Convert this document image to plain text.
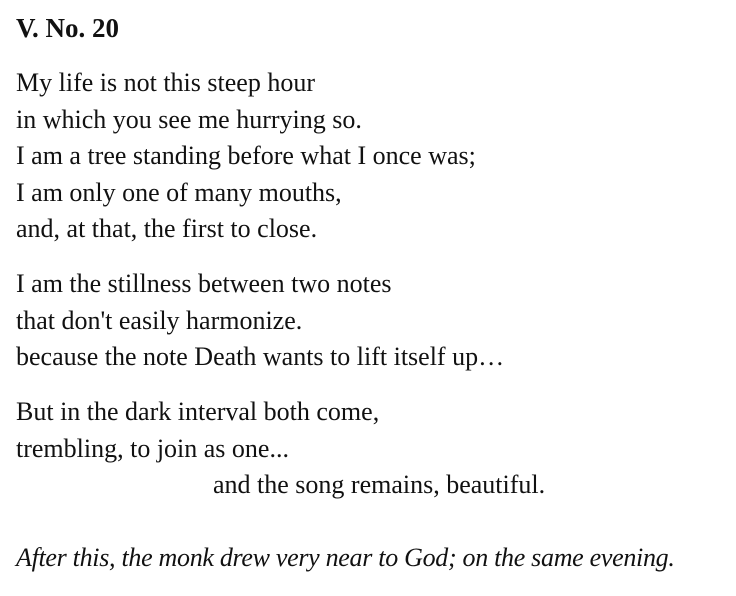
V. No. 20
My life is not this steep hour
in which you see me hurrying so.
I am a tree standing before what I once was;
I am only one of many mouths,
and, at that, the first to close.
I am the stillness between two notes
that don't easily harmonize.
because the note Death wants to lift itself up…
But in the dark interval both come,
trembling, to join as one...
and the song remains, beautiful.
After this, the monk drew very near to God; on the same evening.
